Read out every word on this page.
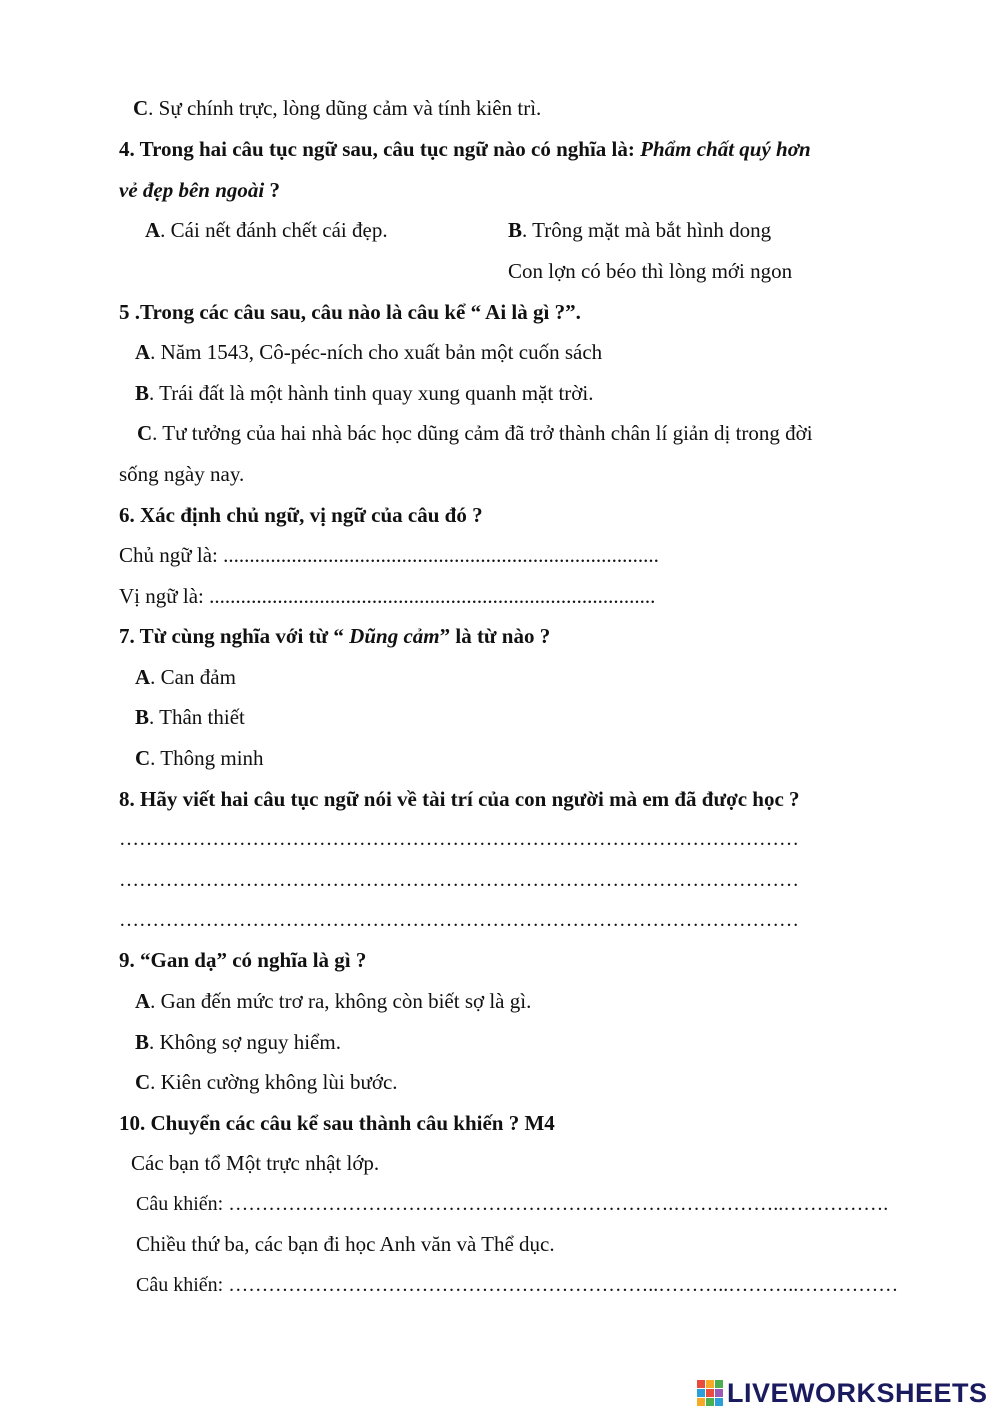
C. Sự chính trực, lòng dũng cảm và tính kiên trì.
4. Trong hai câu tục ngữ sau, câu tục ngữ nào có nghĩa là: Phẩm chất quý hơn
vẻ đẹp bên ngoài ?
A. Cái nết đánh chết cái đẹp.	B. Trông mặt mà bắt hình dong
Con lợn có béo thì lòng mới ngon
5 .Trong các câu sau, câu nào là câu kể “ Ai là gì ?”.
A. Năm 1543, Cô-péc-ních cho xuất bản một cuốn sách
B. Trái đất là một hành tinh quay xung quanh mặt trời.
C. Tư tưởng của hai nhà bác học dũng cảm đã trở thành chân lí giản dị trong đời
sống ngày nay.
6. Xác định chủ ngữ, vị ngữ của câu đó ?
Chủ ngữ là: ...................................................................................
Vị ngữ là: .....................................................................................
7. Từ cùng nghĩa với từ “ Dũng cảm” là từ nào ?
A. Can đảm
B. Thân thiết
C. Thông minh
8. Hãy viết hai câu tục ngữ nói về tài trí của con người mà em đã được học ?
…………………………………………………………………………………………
…………………………………………………………………………………………
…………………………………………………………………………………………
9. “Gan dạ” có nghĩa là gì ?
A. Gan đến mức trơ ra, không còn biết sợ là gì.
B. Không sợ nguy hiểm.
C. Kiên cường không lùi bước.
10. Chuyển các câu kể sau thành câu khiến ? M4
Các bạn tổ Một trực nhật lớp.
Câu khiến: ………………………………………………………….……………..…………….
Chiều thứ ba, các bạn đi học Anh văn và Thể dục.
Câu khiến: ………………………………………………………..………..………..……………
LIVEWORKSHEETS
